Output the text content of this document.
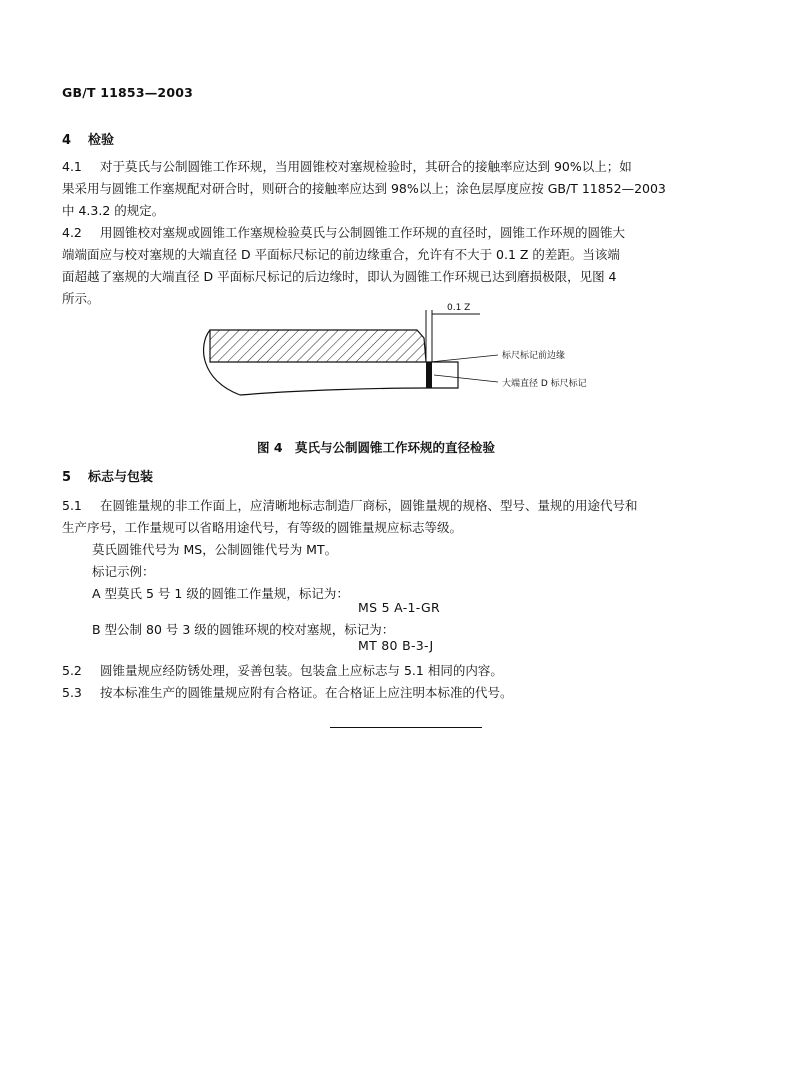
GB/T 11853—2003
4 检验
4.1 对于莫氏与公制圆锥工作环规，当用圆锥校对塞规检验时，其研合的接触率应达到 90%以上；如
果采用与圆锥工作塞规配对研合时，则研合的接触率应达到 98%以上；涂色层厚度应按 GB/T 11852—2003
中 4.3.2 的规定。
4.2 用圆锥校对塞规或圆锥工作塞规检验莫氏与公制圆锥工作环规的直径时，圆锥工作环规的圆锥大
端端面应与校对塞规的大端直径 D 平面标尺标记的前边缘重合，允许有不大于 0.1 Z 的差距。当该端
面超越了塞规的大端直径 D 平面标尺标记的后边缘时，即认为圆锥工作环规已达到磨损极限，见图 4
所示。
0.1 Z
标尺标记前边缘
大端直径 D 标尺标记
图 4　莫氏与公制圆锥工作环规的直径检验
5 标志与包装
5.1 在圆锥量规的非工作面上，应清晰地标志制造厂商标，圆锥量规的规格、型号、量规的用途代号和
生产序号，工作量规可以省略用途代号，有等级的圆锥量规应标志等级。
莫氏圆锥代号为 MS，公制圆锥代号为 MT。
标记示例：
A 型莫氏 5 号 1 级的圆锥工作量规，标记为：
MS 5 A-1-GR
B 型公制 80 号 3 级的圆锥环规的校对塞规，标记为：
MT 80 B-3-J
5.2 圆锥量规应经防锈处理，妥善包装。包装盒上应标志与 5.1 相同的内容。
5.3 按本标准生产的圆锥量规应附有合格证。在合格证上应注明本标准的代号。
